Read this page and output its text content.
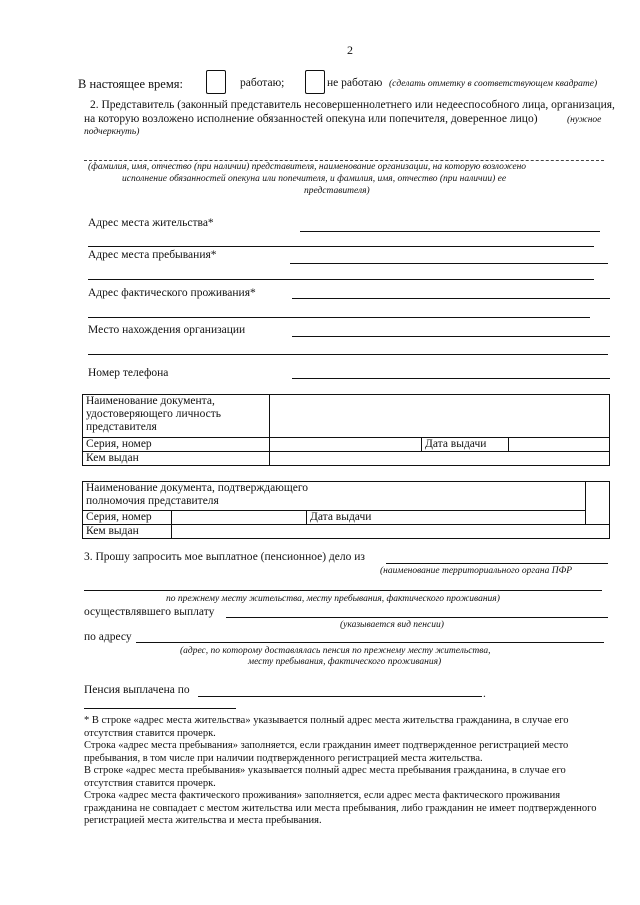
2
В настоящее время:	работаю;	не работаю (сделать отметку в соответствующем квадрате)
2. Представитель (законный представитель несовершеннолетнего или недееспособного лица, организация,
на которую возложено исполнение обязанностей опекуна или попечителя, доверенное лицо)	(нужное
подчеркнуть)
(фамилия, имя, отчество (при наличии) представителя, наименование организации, на которую возложено
исполнение обязанностей опекуна или попечителя, и фамилия, имя, отчество (при наличии) ее
представителя)
Адрес места жительства*
Адрес места пребывания*
Адрес фактического проживания*
Место нахождения организации
Номер телефона
Наименование документа,
удостоверяющего личность
представителя			

Серия, номер		Дата выдачи	
Кем выдан			
Наименование документа, подтверждающего
полномочия представителя			

Серия, номер		Дата выдачи	
Кем выдан			
3. Прошу запросить мое выплатное (пенсионное) дело из
(наименование территориального органа ПФР
по прежнему месту жительства, месту пребывания, фактического проживания)
осуществлявшего выплату
(указывается вид пенсии)
по адресу
(адрес, по которому доставлялась пенсия по прежнему месту жительства,
месту пребывания, фактического проживания)
Пенсия выплачена по	.
* В строке «адрес места жительства» указывается полный адрес места жительства гражданина, в случае его
отсутствия ставится прочерк.
Строка «адрес места пребывания» заполняется, если гражданин имеет подтвержденное регистрацией место
пребывания, в том числе при наличии подтвержденного регистрацией места жительства.
В строке «адрес места пребывания» указывается полный адрес места пребывания гражданина, в случае его
отсутствия ставится прочерк.
Строка «адрес места фактического проживания» заполняется, если адрес места фактического проживания
гражданина не совпадает с местом жительства или места пребывания, либо гражданин не имеет подтвержденного
регистрацией места жительства и места пребывания.
